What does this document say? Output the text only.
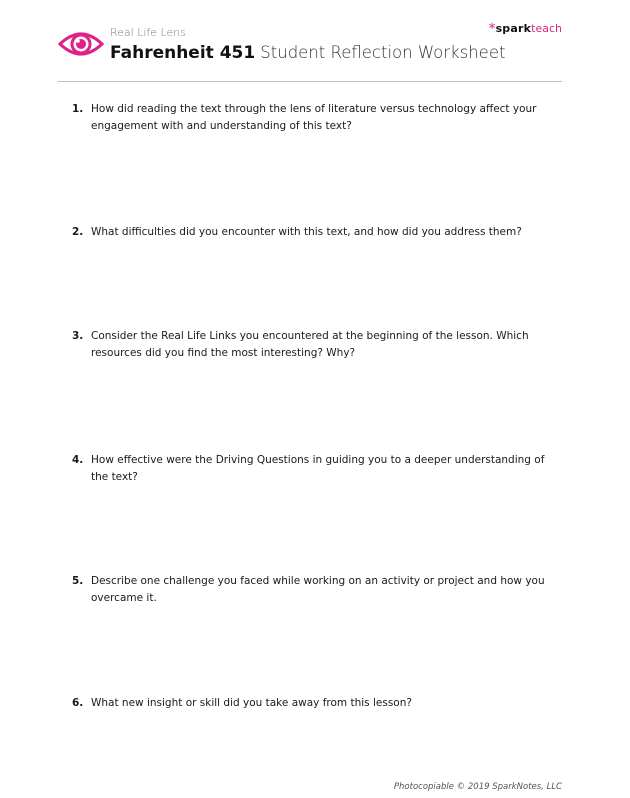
Real Life Lens
Fahrenheit 451 Student Reflection Worksheet
*sparkteach
1. How did reading the text through the lens of literature versus technology affect your engagement with and understanding of this text?
2. What difficulties did you encounter with this text, and how did you address them?
3. Consider the Real Life Links you encountered at the beginning of the lesson. Which resources did you find the most interesting? Why?
4. How effective were the Driving Questions in guiding you to a deeper understanding of the text?
5. Describe one challenge you faced while working on an activity or project and how you overcame it.
6. What new insight or skill did you take away from this lesson?
Photocopiable © 2019 SparkNotes, LLC
